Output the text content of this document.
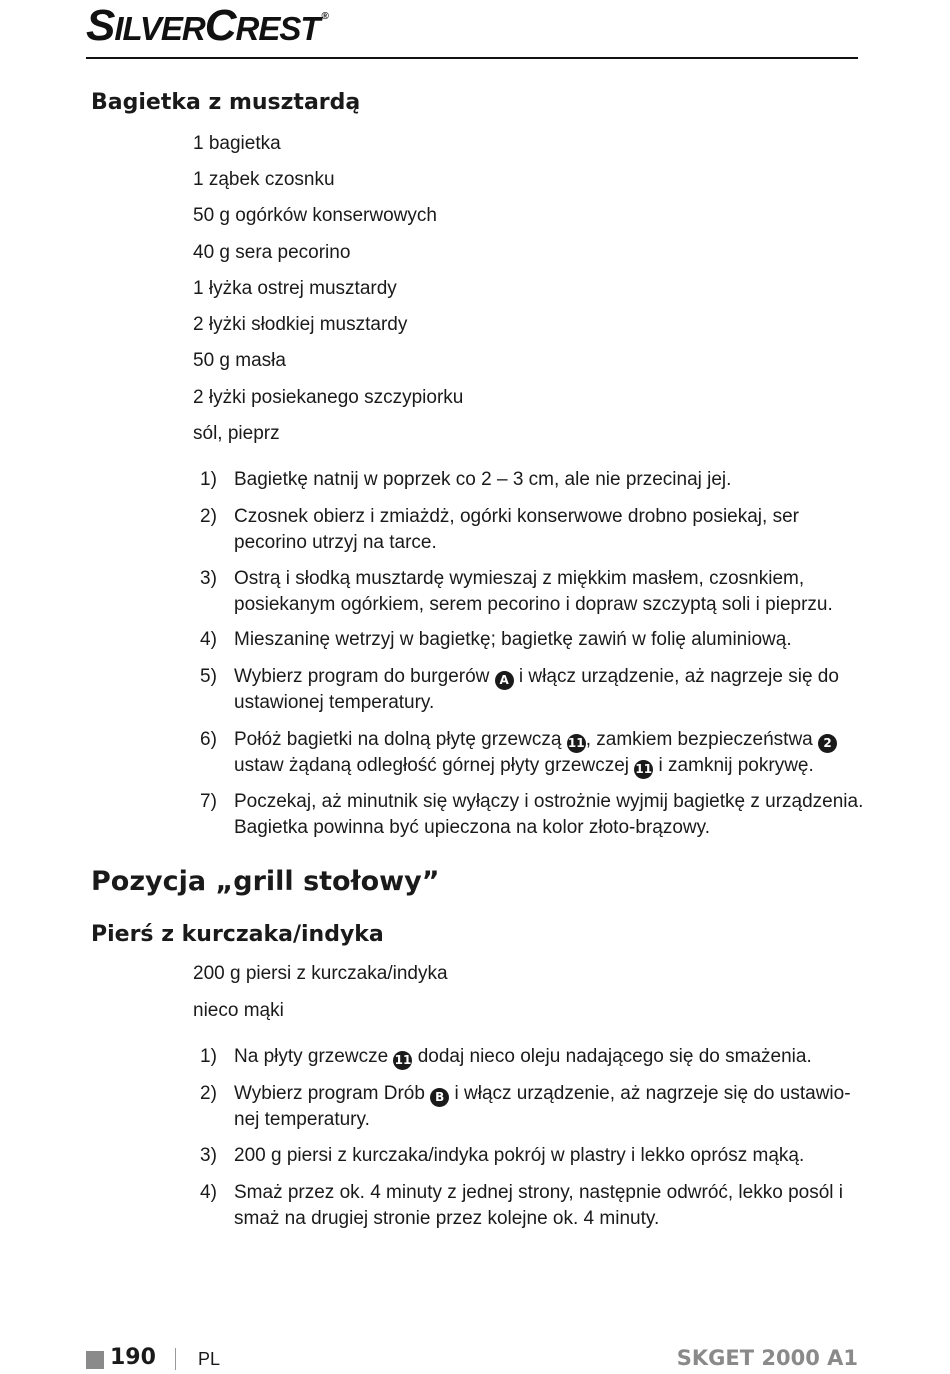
SILVERCREST ®
Bagietka z musztardą
1 bagietka
1 ząbek czosnku
50 g ogórków konserwowych
40 g sera pecorino
1 łyżka ostrej musztardy
2 łyżki słodkiej musztardy
50 g masła
2 łyżki posiekanego szczypiorku
sól, pieprz
1) Bagietkę natnij w poprzek co 2 – 3 cm, ale nie przecinaj jej.
2) Czosnek obierz i zmiażdż, ogórki konserwowe drobno posiekaj, ser pecorino utrzyj na tarce.
3) Ostrą i słodką musztardę wymieszaj z miękkim masłem, czosnkiem, posiekanym ogórkiem, serem pecorino i dopraw szczyptą soli i pieprzu.
4) Mieszaninę wetrzyj w bagietkę; bagietkę zawiń w folię aluminiową.
5) Wybierz program do burgerów A i włącz urządzenie, aż nagrzeje się do ustawionej temperatury.
6) Połóż bagietki na dolną płytę grzewczą 11, zamkiem bezpieczeństwa 2 ustaw żądaną odległość górnej płyty grzewczej 11 i zamknij pokrywę.
7) Poczekaj, aż minutnik się wyłączy i ostrożnie wyjmij bagietkę z urządzenia. Bagietka powinna być upieczona na kolor złoto-brązowy.
Pozycja „grill stołowy”
Pierś z kurczaka/indyka
200 g piersi z kurczaka/indyka
nieco mąki
1) Na płyty grzewcze 11 dodaj nieco oleju nadającego się do smażenia.
2) Wybierz program Drób B i włącz urządzenie, aż nagrzeje się do ustawionej temperatury.
3) 200 g piersi z kurczaka/indyka pokrój w plastry i lekko oprósz mąką.
4) Smaż przez ok. 4 minuty z jednej strony, następnie odwróć, lekko posól i smaż na drugiej stronie przez kolejne ok. 4 minuty.
190 PL	SKGET 2000 A1
